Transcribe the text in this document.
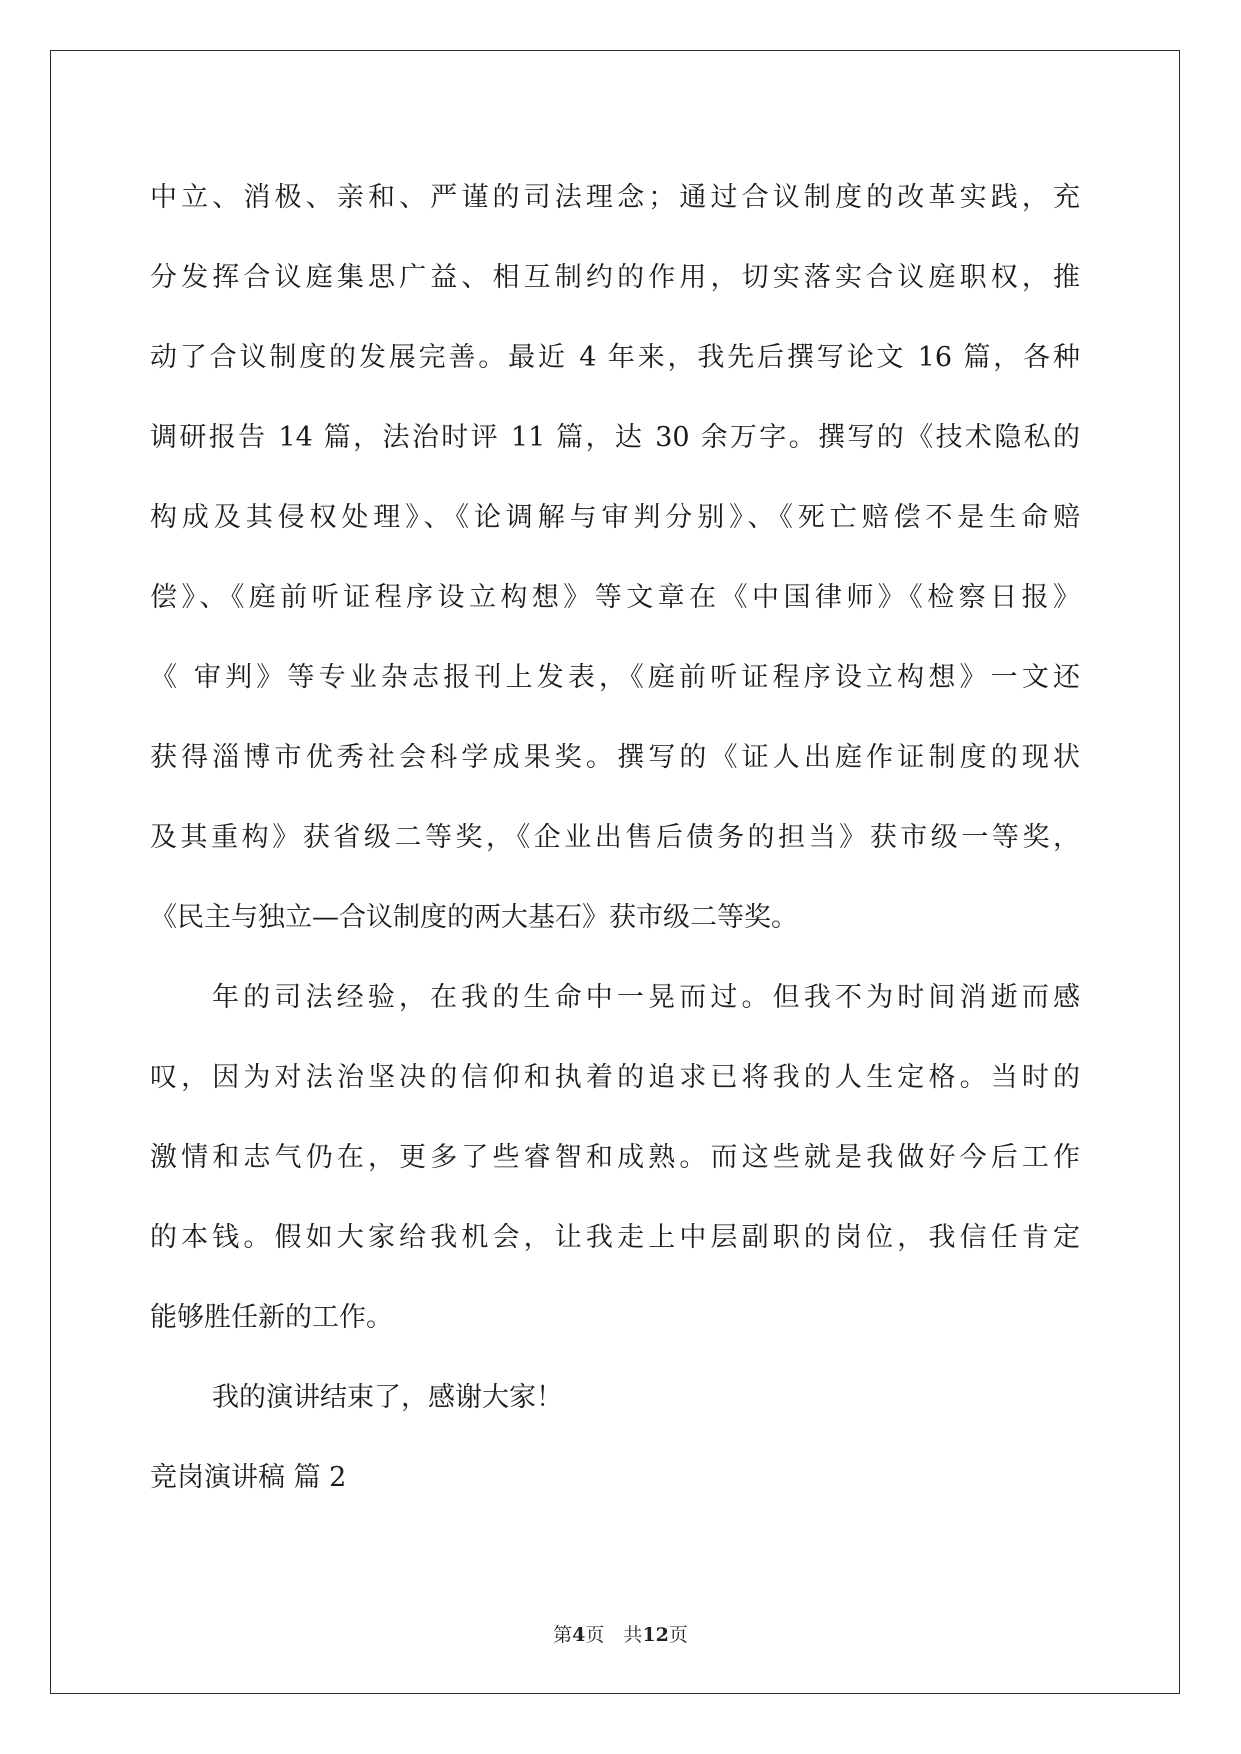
中立、消极、亲和、严谨的司法理念；通过合议制度的改革实践，充
分发挥合议庭集思广益、相互制约的作用，切实落实合议庭职权，推
动了合议制度的发展完善。最近 4 年来，我先后撰写论文 16 篇，各种
调研报告 14 篇，法治时评 11 篇，达 30 余万字。撰写的《技术隐私的
构成及其侵权处理》、《论调解与审判分别》、《死亡赔偿不是生命赔
偿》、《庭前听证程序设立构想》等文章在《中国律师》《检察日报》
《 审判》等专业杂志报刊上发表，《庭前听证程序设立构想》一文还
获得淄博市优秀社会科学成果奖。撰写的《证人出庭作证制度的现状
及其重构》获省级二等奖，《企业出售后债务的担当》获市级一等奖，
《民主与独立—合议制度的两大基石》获市级二等奖。
年的司法经验，在我的生命中一晃而过。但我不为时间消逝而感
叹，因为对法治坚决的信仰和执着的追求已将我的人生定格。当时的
激情和志气仍在，更多了些睿智和成熟。而这些就是我做好今后工作
的本钱。假如大家给我机会，让我走上中层副职的岗位，我信任肯定
能够胜任新的工作。
我的演讲结束了，感谢大家！
竞岗演讲稿 篇 2
第4页　共12页
